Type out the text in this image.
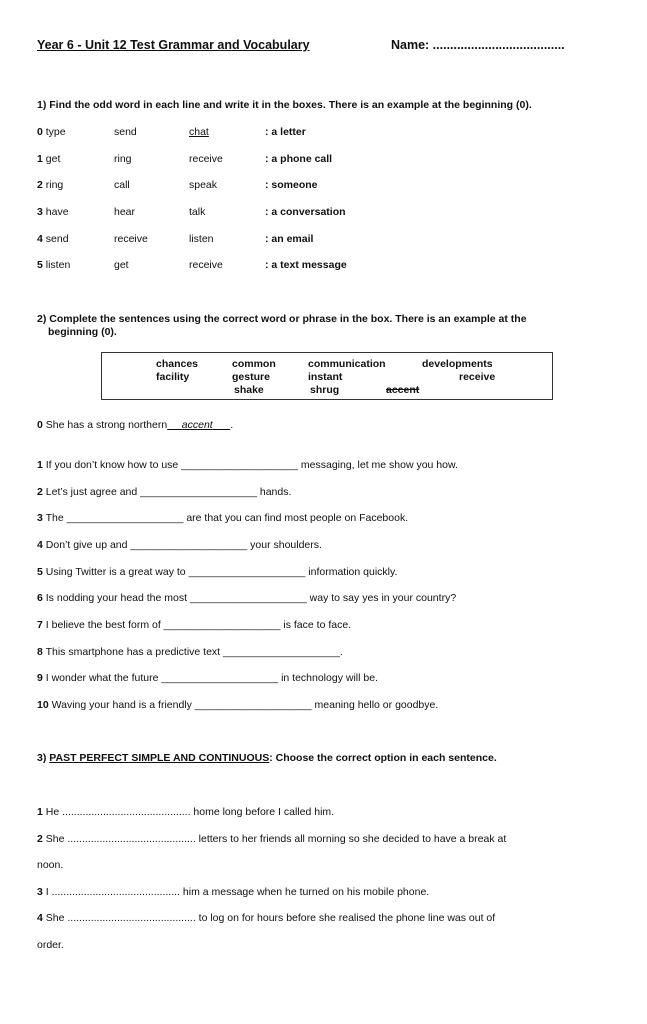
Year 6 - Unit 12 Test Grammar and Vocabulary	Name: ......................................
1) Find the odd word in each line and write it in the boxes. There is an example at the beginning (0).
0 type	send	chat	: a letter
1 get	ring	receive	: a phone call
2 ring	call	speak	: someone
3 have	hear	talk	: a conversation
4 send	receive	listen	: an email
5 listen	get	receive	: a text message
2) Complete the sentences using the correct word or phrase in the box. There is an example at the
beginning (0).
chances	common	communication	developments
facility	gesture	instant	receive
shake	shrug	accent
0 She has a strong northern accent .
1 If you don’t know how to use ____________________ messaging, let me show you how.
2 Let’s just agree and ____________________ hands.
3 The ____________________ are that you can find most people on Facebook.
4 Don’t give up and ____________________ your shoulders.
5 Using Twitter is a great way to ____________________ information quickly.
6 Is nodding your head the most ____________________ way to say yes in your country?
7 I believe the best form of ____________________ is face to face.
8 This smartphone has a predictive text ____________________.
9 I wonder what the future ____________________ in technology will be.
10 Waving your hand is a friendly ____________________ meaning hello or goodbye.
3) PAST PERFECT SIMPLE AND CONTINUOUS: Choose the correct option in each sentence.
1 He ............................................ home long before I called him.
2 She ............................................ letters to her friends all morning so she decided to have a break at
noon.
3 I ............................................ him a message when he turned on his mobile phone.
4 She ............................................ to log on for hours before she realised the phone line was out of
order.
